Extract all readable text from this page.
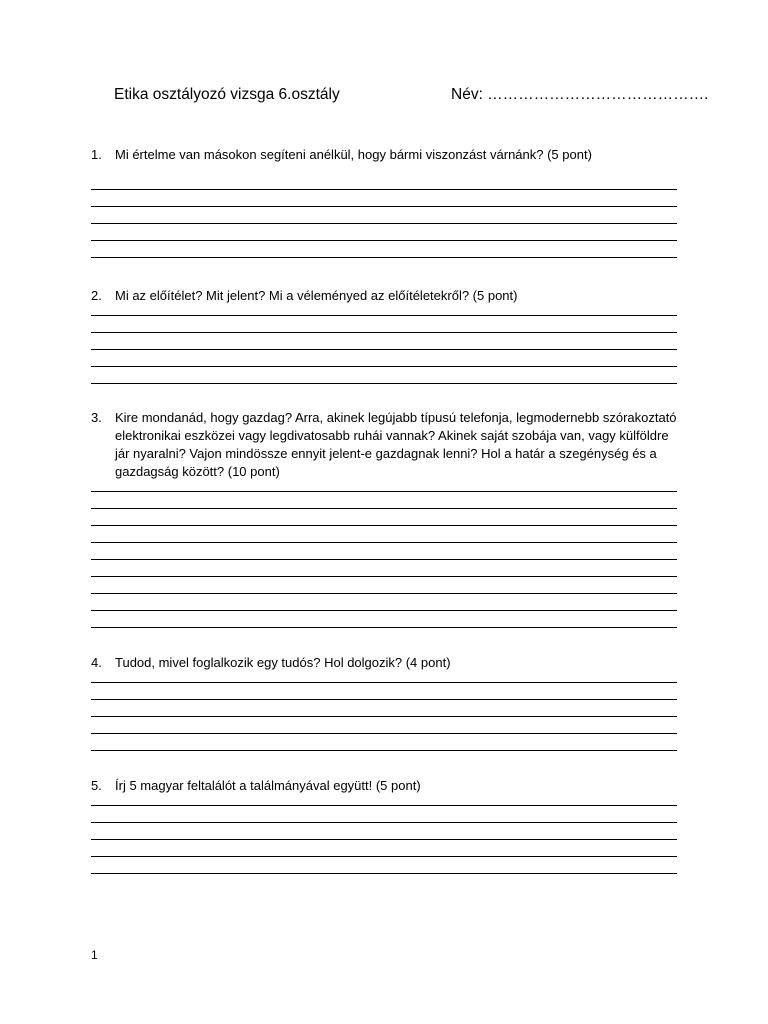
Etika osztályozó vizsga 6.osztály	Név: …………………………………….
1.	Mi értelme van másokon segíteni anélkül, hogy bármi viszonzást várnánk? (5 pont)
2.	Mi az előítélet? Mit jelent? Mi a véleményed az előítéletekről? (5 pont)
3.	Kire mondanád, hogy gazdag? Arra, akinek legújabb típusú telefonja, legmodernebb szórakoztató elektronikai eszközei vagy legdivatosabb ruhái vannak? Akinek saját szobája van, vagy külföldre jár nyaralni? Vajon mindössze ennyit jelent-e gazdagnak lenni? Hol a határ a szegénység és a gazdagság között? (10 pont)
4.	Tudod, mivel foglalkozik egy tudós? Hol dolgozik? (4 pont)
5.	Írj 5 magyar feltalálót a találmányával együtt! (5 pont)
1
